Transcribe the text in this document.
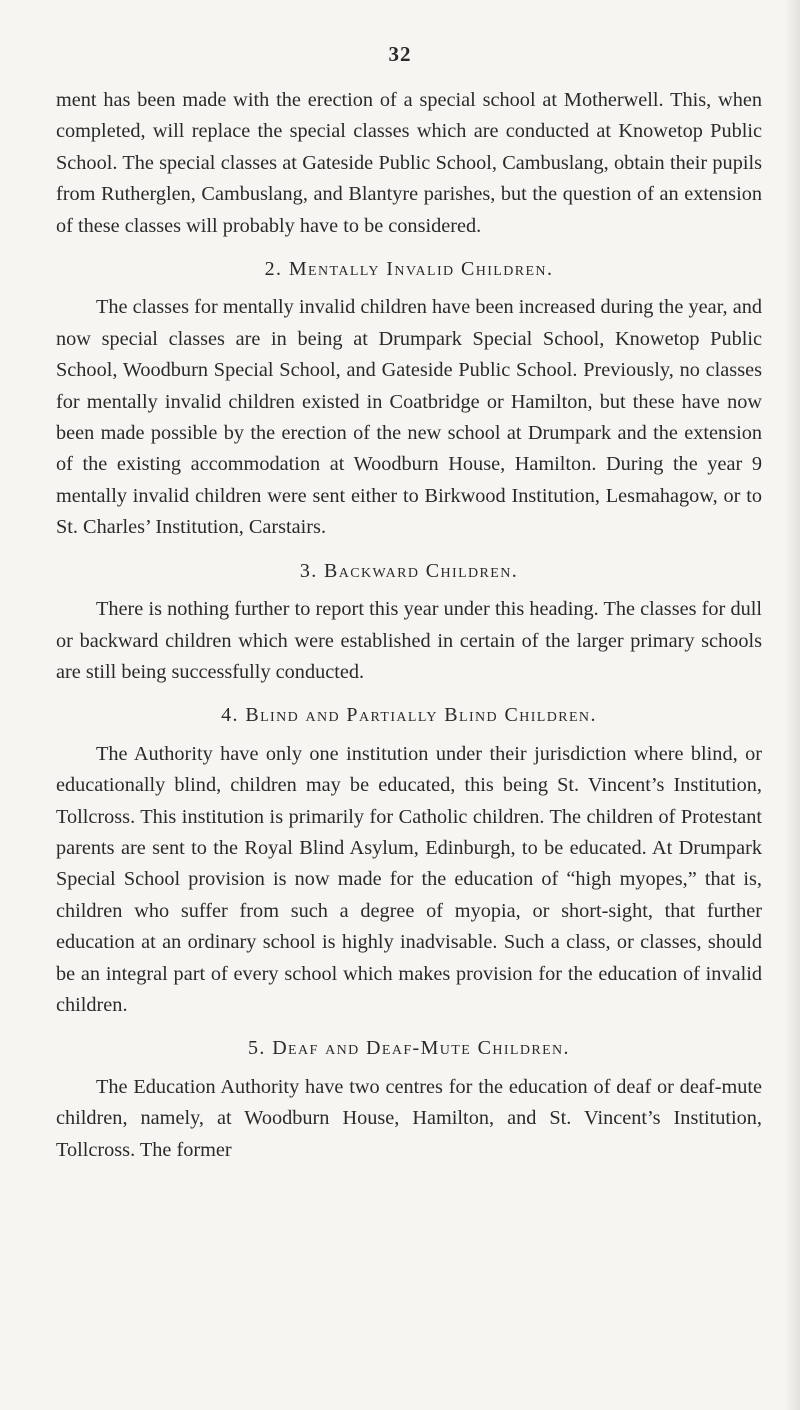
32

ment has been made with the erection of a special school at Motherwell. This, when completed, will replace the special classes which are conducted at Knowetop Public School. The special classes at Gateside Public School, Cambuslang, obtain their pupils from Rutherglen, Cambuslang, and Blantyre parishes, but the question of an extension of these classes will probably have to be considered.

2. Mentally Invalid Children.

The classes for mentally invalid children have been increased during the year, and now special classes are in being at Drumpark Special School, Knowetop Public School, Woodburn Special School, and Gateside Public School. Previously, no classes for mentally invalid children existed in Coatbridge or Hamilton, but these have now been made possible by the erection of the new school at Drumpark and the extension of the existing accommodation at Woodburn House, Hamilton. During the year 9 mentally invalid children were sent either to Birkwood Institution, Lesmahagow, or to St. Charles’ Institution, Carstairs.

3. Backward Children.

There is nothing further to report this year under this heading. The classes for dull or backward children which were established in certain of the larger primary schools are still being successfully conducted.

4. Blind and Partially Blind Children.

The Authority have only one institution under their jurisdiction where blind, or educationally blind, children may be educated, this being St. Vincent’s Institution, Tollcross. This institution is primarily for Catholic children. The children of Protestant parents are sent to the Royal Blind Asylum, Edinburgh, to be educated. At Drumpark Special School provision is now made for the education of “high myopes,” that is, children who suffer from such a degree of myopia, or short-sight, that further education at an ordinary school is highly inadvisable. Such a class, or classes, should be an integral part of every school which makes provision for the education of invalid children.

5. Deaf and Deaf-Mute Children.

The Education Authority have two centres for the education of deaf or deaf-mute children, namely, at Woodburn House, Hamilton, and St. Vincent’s Institution, Tollcross. The former
